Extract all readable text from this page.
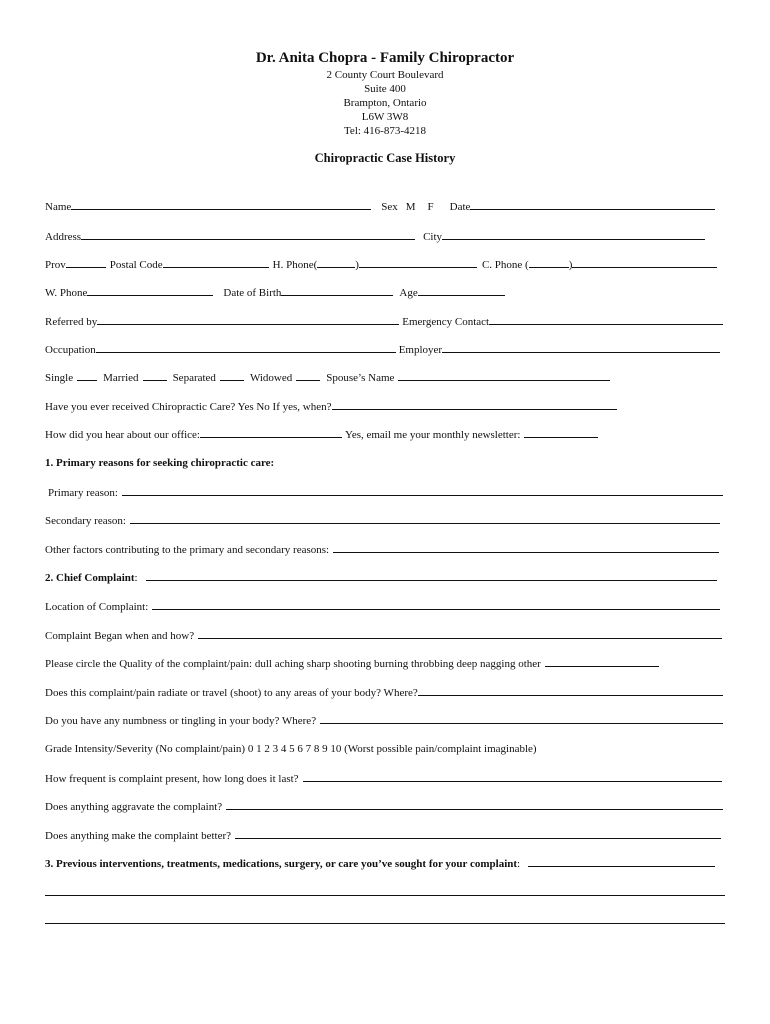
Dr. Anita Chopra - Family Chiropractor
2 County Court Boulevard
Suite 400
Brampton, Ontario
L6W 3W8
Tel: 416-873-4218
Chiropractic Case History
Name	Sex M F Date
Address	City
Prov	Postal Code	H. Phone(	)	C. Phone (	)
W. Phone	Date of Birth	Age
Referred by	Emergency Contact
Occupation	Employer
Single	Married	Separated	Widowed	Spouse’s Name
Have you ever received Chiropractic Care? Yes No If yes, when?
How did you hear about our office:	Yes, email me your monthly newsletter:
1. Primary reasons for seeking chiropractic care:
Primary reason:
Secondary reason:
Other factors contributing to the primary and secondary reasons:
2. Chief Complaint :
Location of Complaint:
Complaint Began when and how?
Please circle the Quality of the complaint/pain: dull aching sharp shooting burning throbbing deep nagging other
Does this complaint/pain radiate or travel (shoot) to any areas of your body? Where?
Do you have any numbness or tingling in your body? Where?
Grade Intensity/Severity (No complaint/pain) 0 1 2 3 4 5 6 7 8 9 10 (Worst possible pain/complaint imaginable)
How frequent is complaint present, how long does it last?
Does anything aggravate the complaint?
Does anything make the complaint better?
3. Previous interventions, treatments, medications, surgery, or care you’ve sought for your complaint :
